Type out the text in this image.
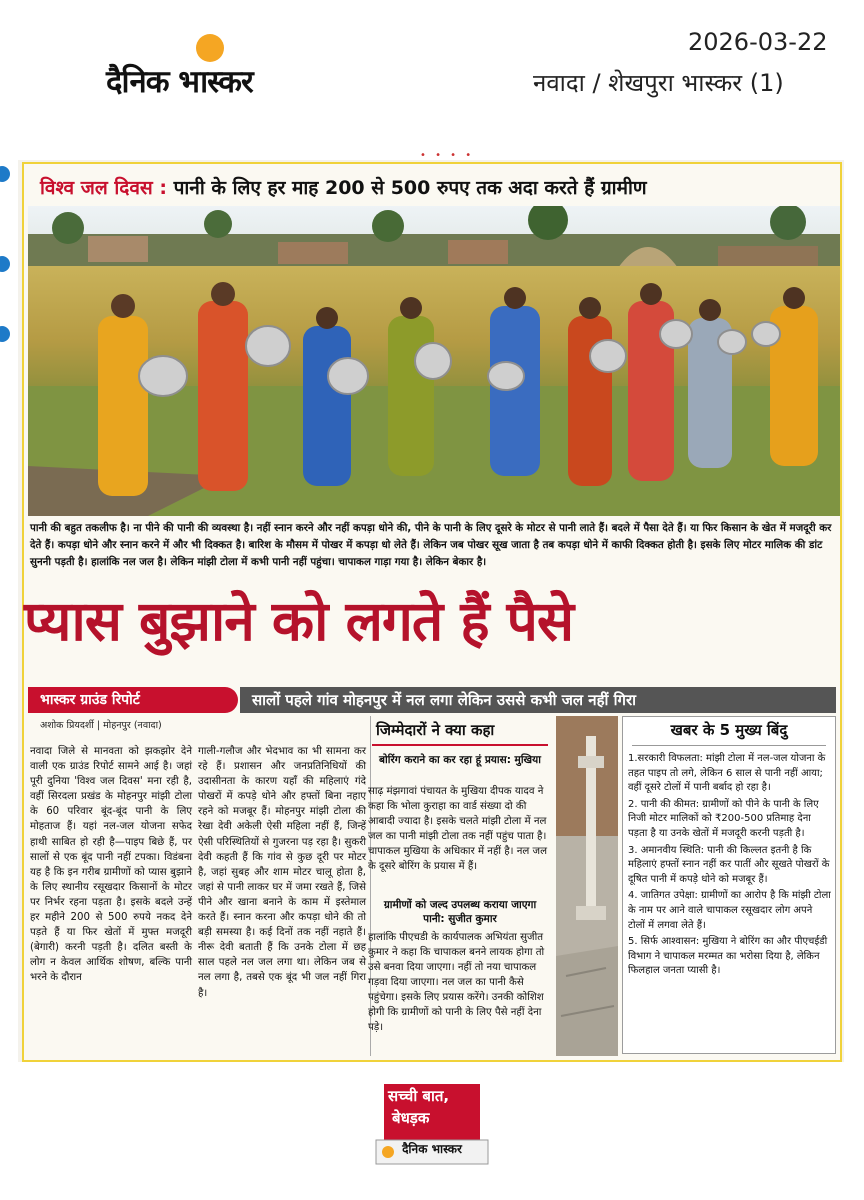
दैनिक भास्कर
2026-03-22
नवादा / शेखपुरा भास्कर (1)
• • • •
विश्व जल दिवस : पानी के लिए हर माह 200 से 500 रुपए तक अदा करते हैं ग्रामीण
पानी की बहुत तकलीफ है। ना पीने की पानी की व्यवस्था है। नहीं स्नान करने और नहीं कपड़ा धोने की, पीने के पानी के लिए दूसरे के मोटर से पानी लाते हैं। बदले में पैसा देते हैं। या फिर किसान के खेत में मजदूरी कर देते हैं। कपड़ा धोने और स्नान करने में और भी दिक्कत है। बारिश के मौसम में पोखर में कपड़ा धो लेते हैं। लेकिन जब पोखर सूख जाता है तब कपड़ा धोने में काफी दिक्कत होती है। इसके लिए मोटर मालिक की डांट सुननी पड़ती है। हालांकि नल जल है। लेकिन मांझी टोला में कभी पानी नहीं पहुंचा। चापाकल गाड़ा गया है। लेकिन बेकार है।
प्यास बुझाने को लगते हैं पैसे
भास्कर ग्राउंड रिपोर्ट	सालों पहले गांव मोहनपुर में नल लगा लेकिन उससे कभी जल नहीं गिरा
अशोक प्रियदर्शी | मोहनपुर (नवादा)
नवादा जिले से मानवता को झकझोर देने वाली एक ग्राउंड रिपोर्ट सामने आई है। जहां पूरी दुनिया 'विश्व जल दिवस' मना रही है, वहीं सिरदला प्रखंड के मोहनपुर मांझी टोला के 60 परिवार बूंद-बूंद पानी के लिए मोहताज हैं। यहां नल-जल योजना सफेद हाथी साबित हो रही है—पाइप बिछे हैं, पर सालों से एक बूंद पानी नहीं टपका। विडंबना यह है कि इन गरीब ग्रामीणों को प्यास बुझाने के लिए स्थानीय रसूखदार किसानों के मोटर पर निर्भर रहना पड़ता है। इसके बदले उन्हें हर महीने 200 से 500 रुपये नकद देने पड़ते हैं या फिर खेतों में मुफ्त मजदूरी (बेगारी) करनी पड़ती है। दलित बस्ती के लोग न केवल आर्थिक शोषण, बल्कि पानी भरने के दौरान
गाली-गलौज और भेदभाव का भी सामना कर रहे हैं। प्रशासन और जनप्रतिनिधियों की उदासीनता के कारण यहाँ की महिलाएं गंदे पोखरों में कपड़े धोने और हफ्तों बिना नहाए रहने को मजबूर हैं। मोहनपुर मांझी टोला की रेखा देवी अकेली ऐसी महिला नहीं हैं, जिन्हें ऐसी परिस्थितियों से गुजरना पड़ रहा है। सुकरी देवी कहती हैं कि गांव से कुछ दूरी पर मोटर है, जहां सुबह और शाम मोटर चालू होता है, जहां से पानी लाकर घर में जमा रखते हैं, जिसे पीने और खाना बनाने के काम में इस्तेमाल करते हैं। स्नान करना और कपड़ा धोने की तो बड़ी समस्या है। कई दिनों तक नहीं नहाते हैं। नीरू देवी बताती हैं कि उनके टोला में छह साल पहले नल जल लगा था। लेकिन जब से नल लगा है, तबसे एक बूंद भी जल नहीं गिरा है।
जिम्मेदारों ने क्या कहा
बोरिंग कराने का कर रहा हूं प्रयास: मुखिया
साढ़ मंझगावां पंचायत के मुखिया दीपक यादव ने कहा कि भोला कुराहा का वार्ड संख्या दो की आबादी ज्यादा है। इसके चलते मांझी टोला में नल जल का पानी मांझी टोला तक नहीं पहुंच पाता है। चापाकल मुखिया के अधिकार में नहीं है। नल जल के दूसरे बोरिंग के प्रयास में हैं।
ग्रामीणों को जल्द उपलब्ध कराया जाएगा पानी: सुजीत कुमार
हालांकि पीएचडी के कार्यपालक अभियंता सुजीत कुमार ने कहा कि चापाकल बनने लायक होगा तो उसे बनवा दिया जाएगा। नहीं तो नया चापाकल गड़वा दिया जाएगा। नल जल का पानी कैसे पहुंचेगा। इसके लिए प्रयास करेंगे। उनकी कोशिश होगी कि ग्रामीणों को पानी के लिए पैसे नहीं देना पड़े।
खबर के 5 मुख्य बिंदु

1.सरकारी विफलता: मांझी टोला में नल-जल योजना के तहत पाइप तो लगे, लेकिन 6 साल से पानी नहीं आया; वहीं दूसरे टोलों में पानी बर्बाद हो रहा है।

2. पानी की कीमत: ग्रामीणों को पीने के पानी के लिए निजी मोटर मालिकों को ₹200-500 प्रतिमाह देना पड़ता है या उनके खेतों में मजदूरी करनी पड़ती है।

3. अमानवीय स्थिति: पानी की किल्लत इतनी है कि महिलाएं हफ्तों स्नान नहीं कर पातीं और सूखते पोखरों के दूषित पानी में कपड़े धोने को मजबूर हैं।

4. जातिगत उपेक्षा: ग्रामीणों का आरोप है कि मांझी टोला के नाम पर आने वाले चापाकल रसूखदार लोग अपने टोलों में लगवा लेते हैं।

5. सिर्फ आश्वासन: मुखिया ने बोरिंग का और पीएचईडी विभाग ने चापाकल मरम्मत का भरोसा दिया है, लेकिन फिलहाल जनता प्यासी है।

सच्ची बात,
बेधड़क
दैनिक भास्कर
